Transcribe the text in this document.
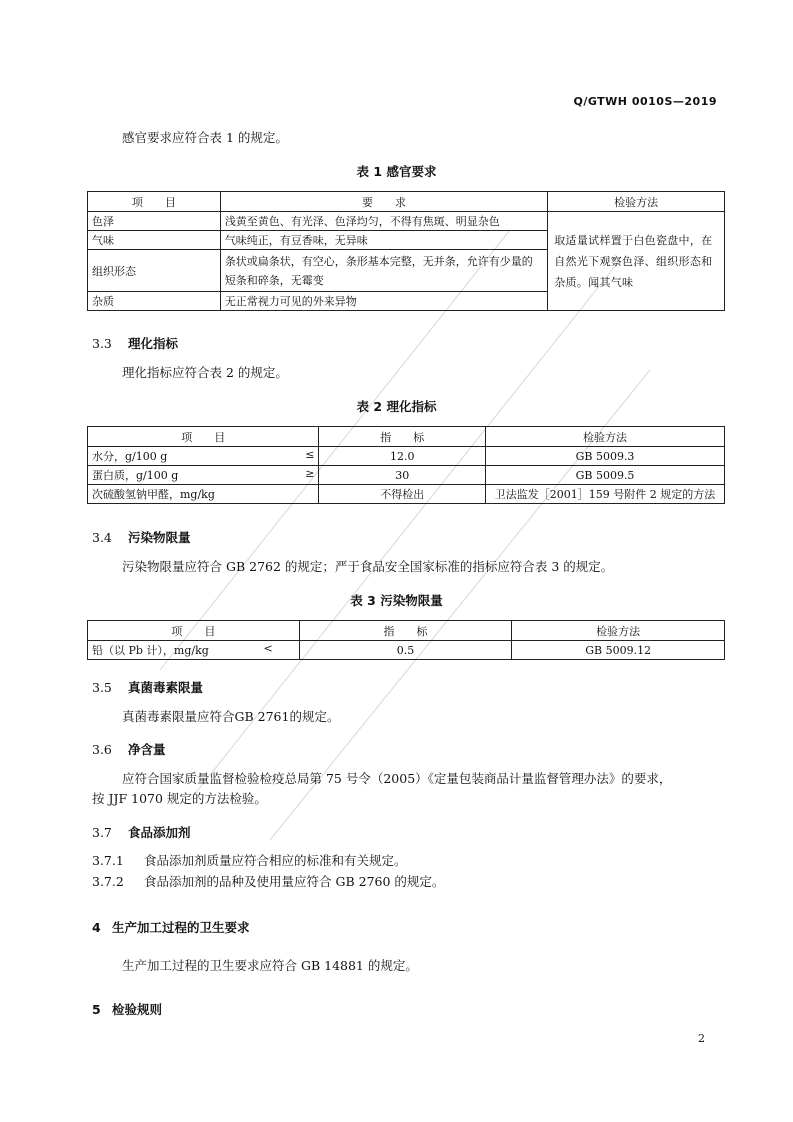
Q/GTWH 0010S—2019
感官要求应符合表 1 的规定。
表 1 感官要求
项　　目	要　　求	检验方法
色泽	浅黄至黄色、有光泽、色泽均匀，不得有焦斑、明显杂色	取适量试样置于白色瓷盘中，在自然光下观察色泽、组织形态和杂质。闻其气味
气味	气味纯正，有豆香味，无异味	
组织形态	条状或扁条状，有空心，条形基本完整，无并条，允许有少量的短条和碎条，无霉变	
杂质	无正常视力可见的外来异物	
3.3 理化指标
理化指标应符合表 2 的规定。
表 2 理化指标
项　　目	指　　标	检验方法
水分，g/100 g ≤	12.0	GB 5009.3
蛋白质，g/100 g ≥	30	GB 5009.5
次硫酸氢钠甲醛，mg/kg	不得检出	卫法监发［2001］159 号附件 2 规定的方法
3.4 污染物限量
污染物限量应符合 GB 2762 的规定；严于食品安全国家标准的指标应符合表 3 的规定。
表 3 污染物限量
项　　目	指　　标	检验方法
铅（以 Pb 计），mg/kg <	0.5	GB 5009.12
3.5 真菌毒素限量
真菌毒素限量应符合GB 2761的规定。
3.6 净含量
应符合国家质量监督检验检疫总局第 75 号令（2005）《定量包装商品计量监督管理办法》的要求，
按 JJF 1070 规定的方法检验。
3.7 食品添加剂
3.7.1 食品添加剂质量应符合相应的标准和有关规定。
3.7.2 食品添加剂的品种及使用量应符合 GB 2760 的规定。
4 生产加工过程的卫生要求
生产加工过程的卫生要求应符合 GB 14881 的规定。
5 检验规则
2
